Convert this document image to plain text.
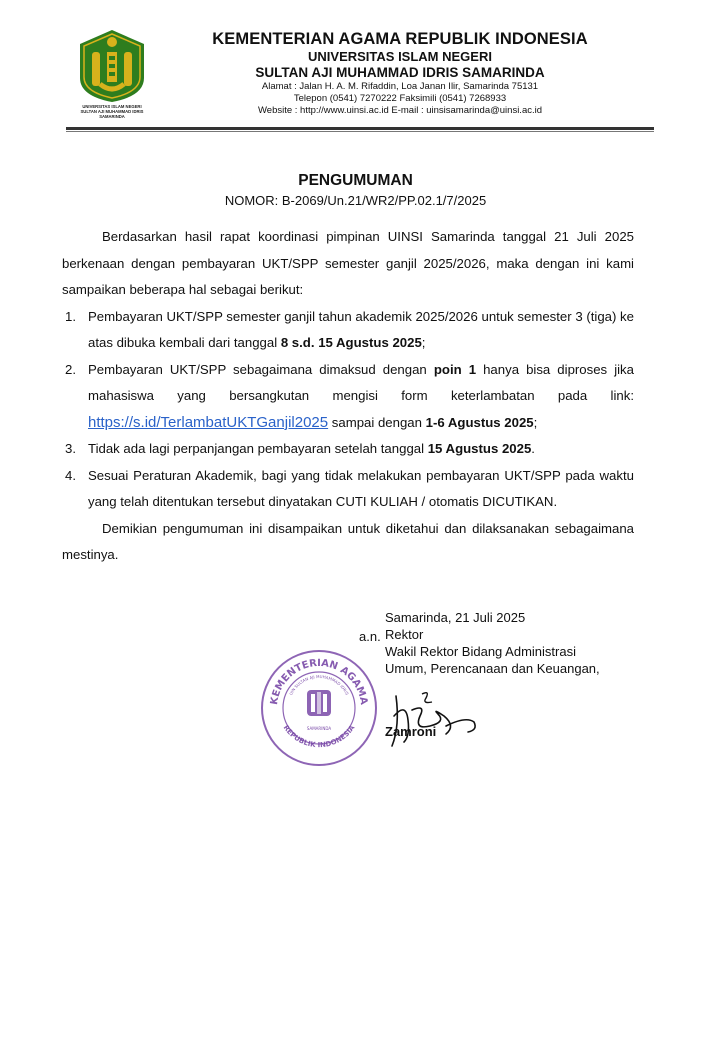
UNIVERSITAS ISLAM NEGERI
SULTAN AJI MUHAMMAD IDRIS
SAMARINDA
KEMENTERIAN AGAMA REPUBLIK INDONESIA
UNIVERSITAS ISLAM NEGERI
SULTAN AJI MUHAMMAD IDRIS SAMARINDA
Alamat : Jalan H. A. M. Rifaddin, Loa Janan Ilir, Samarinda 75131
Telepon (0541) 7270222 Faksimili (0541) 7268933
Website : http://www.uinsi.ac.id E-mail : uinsisamarinda@uinsi.ac.id
PENGUMUMAN
NOMOR: B-2069/Un.21/WR2/PP.02.1/7/2025

Berdasarkan hasil rapat koordinasi pimpinan UINSI Samarinda tanggal 21 Juli 2025 berkenaan dengan pembayaran UKT/SPP semester ganjil 2025/2026, maka dengan ini kami sampaikan beberapa hal sebagai berikut:

1. Pembayaran UKT/SPP semester ganjil tahun akademik 2025/2026 untuk semester 3 (tiga) ke atas dibuka kembali dari tanggal 8 s.d. 15 Agustus 2025;
2. Pembayaran UKT/SPP sebagaimana dimaksud dengan poin 1 hanya bisa diproses jika mahasiswa yang bersangkutan mengisi form keterlambatan pada link: https://s.id/TerlambatUKTGanjil2025 sampai dengan 1-6 Agustus 2025;
3. Tidak ada lagi perpanjangan pembayaran setelah tanggal 15 Agustus 2025.
4. Sesuai Peraturan Akademik, bagi yang tidak melakukan pembayaran UKT/SPP pada waktu yang telah ditentukan tersebut dinyatakan CUTI KULIAH / otomatis DICUTIKAN.

Demikian pengumuman ini disampaikan untuk diketahui dan dilaksanakan sebagaimana mestinya.

a.n.
Samarinda, 21 Juli 2025
Rektor
Wakil Rektor Bidang Administrasi
Umum, Perencanaan dan Keuangan,
Zamroni
KEMENTERIAN AGAMA
REPUBLIK INDONESIA
UIN SULTAN AJI MUHAMMAD IDRIS
SAMARINDA
